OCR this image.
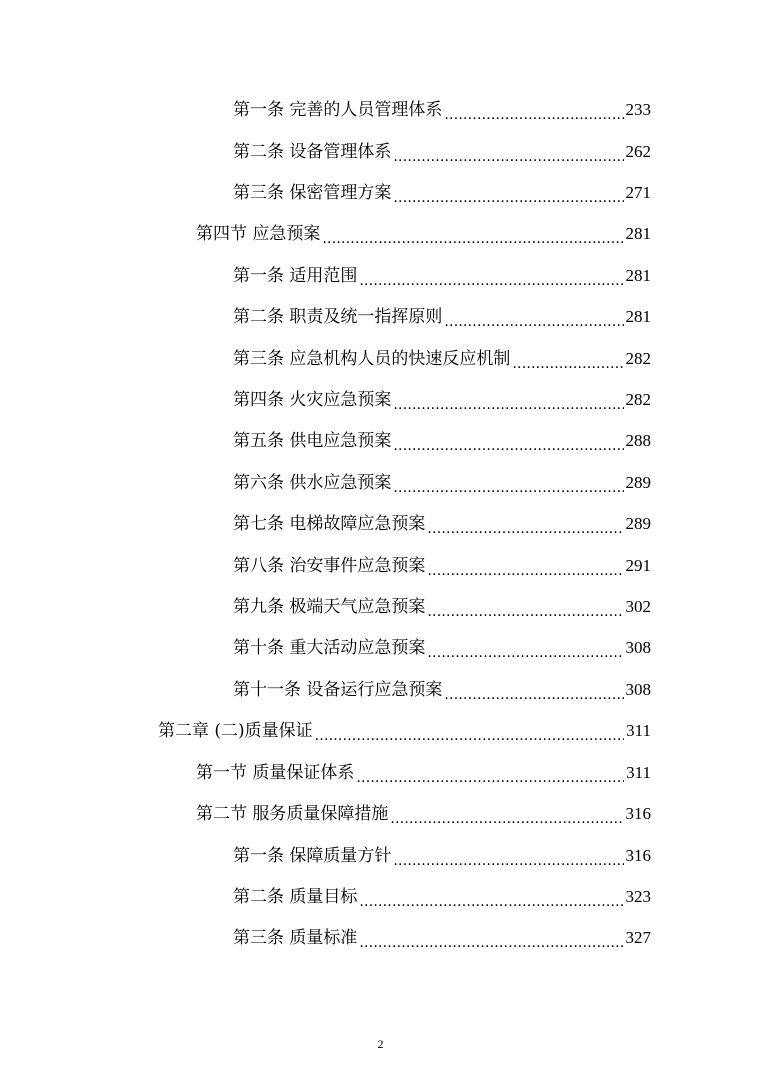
第一条 完善的人员管理体系 .....	233
第二条 设备管理体系 .....	262
第三条 保密管理方案 .....	271
第四节 应急预案 .....	281
第一条 适用范围 .....	281
第二条 职责及统一指挥原则 .....	281
第三条 应急机构人员的快速反应机制 .....	282
第四条 火灾应急预案 .....	282
第五条 供电应急预案 .....	288
第六条 供水应急预案 .....	289
第七条 电梯故障应急预案 .....	289
第八条 治安事件应急预案 .....	291
第九条 极端天气应急预案 .....	302
第十条 重大活动应急预案 .....	308
第十一条 设备运行应急预案 .....	308
第二章 (二)质量保证 .....	311
第一节 质量保证体系 .....	311
第二节 服务质量保障措施 .....	316
第一条 保障质量方针 .....	316
第二条 质量目标 .....	323
第三条 质量标准 .....	327
2
